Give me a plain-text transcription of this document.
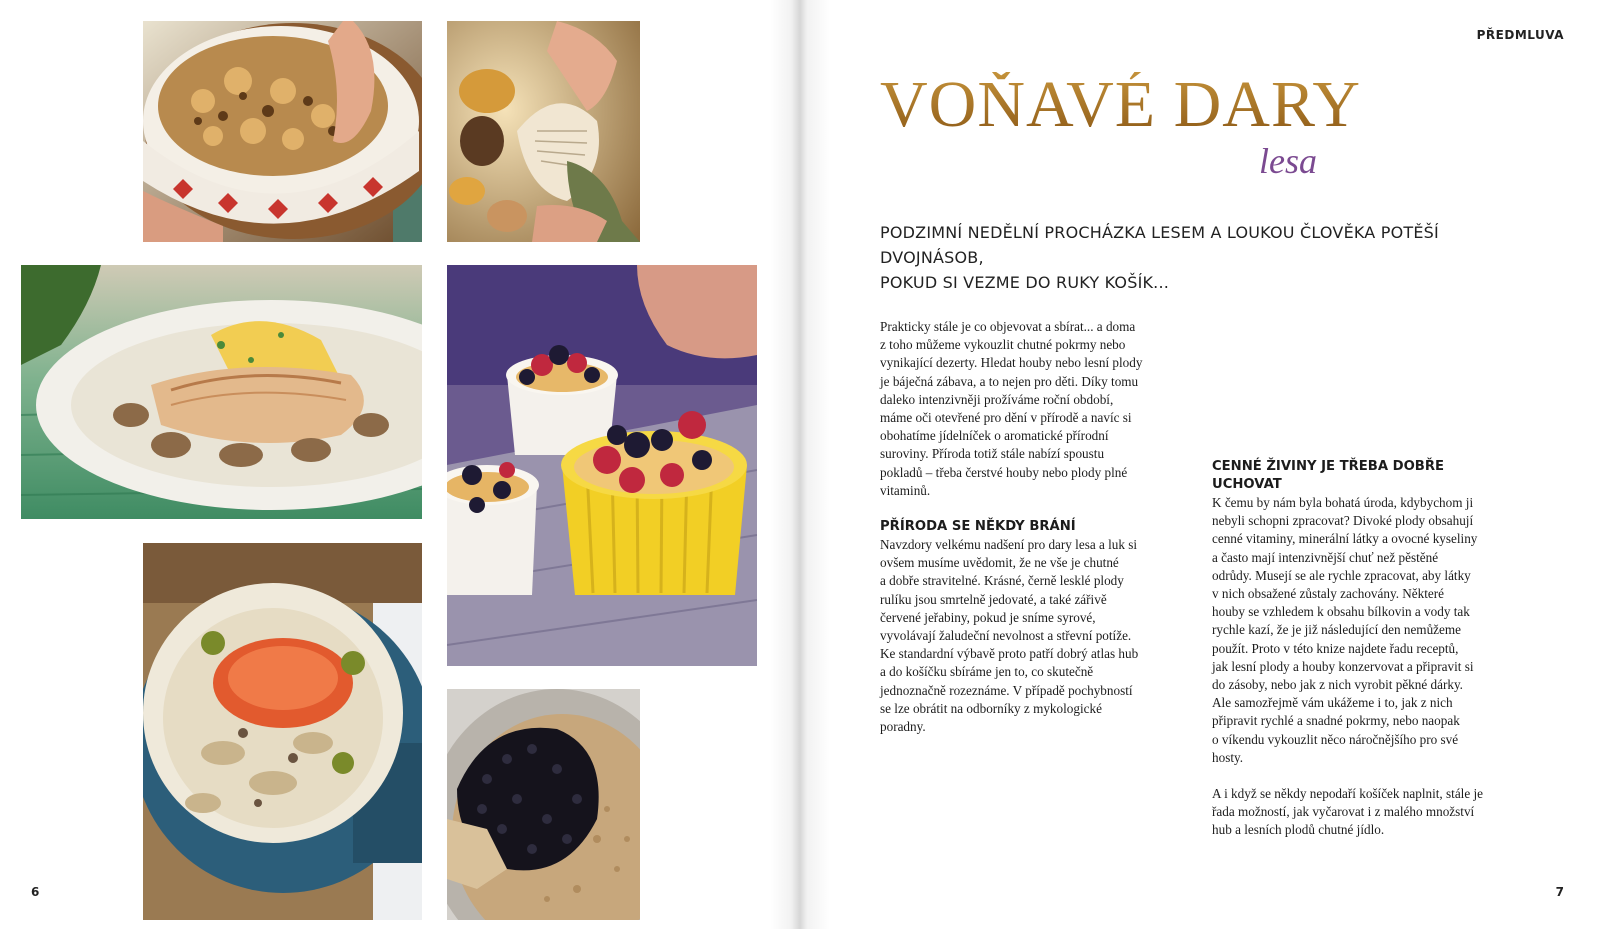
6
PŘEDMLUVA
VOŇAVÉ DARY
lesa
PODZIMNÍ NEDĚLNÍ PROCHÁZKA LESEM A LOUKOU ČLOVĚKA POTĚŠÍ DVOJNÁSOB,
POKUD SI VEZME DO RUKY KOŠÍK...

Prakticky stále je co objevovat a sbírat... a doma
z toho můžeme vykouzlit chutné pokrmy nebo
vynikající dezerty. Hledat houby nebo lesní plody
je báječná zábava, a to nejen pro děti. Díky tomu
daleko intenzivněji prožíváme roční období,
máme oči otevřené pro dění v přírodě a navíc si
obohatíme jídelníček o aromatické přírodní
suroviny. Příroda totiž stále nabízí spoustu
pokladů – třeba čerstvé houby nebo plody plné
vitaminů.

PŘÍRODA SE NĚKDY BRÁNÍ

Navzdory velkému nadšení pro dary lesa a luk si
ovšem musíme uvědomit, že ne vše je chutné
a dobře stravitelné. Krásné, černě lesklé plody
rulíku jsou smrtelně jedovaté, a také zářivě
červené jeřabiny, pokud je sníme syrové,
vyvolávají žaludeční nevolnost a střevní potíže.
Ke standardní výbavě proto patří dobrý atlas hub
a do košíčku sbíráme jen to, co skutečně
jednoznačně rozeznáme. V případě pochybností
se lze obrátit na odborníky z mykologické
poradny.

CENNÉ ŽIVINY JE TŘEBA DOBŘE UCHOVAT

K čemu by nám byla bohatá úroda, kdybychom ji
nebyli schopni zpracovat? Divoké plody obsahují
cenné vitaminy, minerální látky a ovocné kyseliny
a často mají intenzivnější chuť než pěstěné
odrůdy. Musejí se ale rychle zpracovat, aby látky
v nich obsažené zůstaly zachovány. Některé
houby se vzhledem k obsahu bílkovin a vody tak
rychle kazí, že je již následující den nemůžeme
použít. Proto v této knize najdete řadu receptů,
jak lesní plody a houby konzervovat a připravit si
do zásoby, nebo jak z nich vyrobit pěkné dárky.
Ale samozřejmě vám ukážeme i to, jak z nich
připravit rychlé a snadné pokrmy, nebo naopak
o víkendu vykouzlit něco náročnějšího pro své
hosty.

A i když se někdy nepodaří košíček naplnit, stále je
řada možností, jak vyčarovat i z malého množství
hub a lesních plodů chutné jídlo.

7
